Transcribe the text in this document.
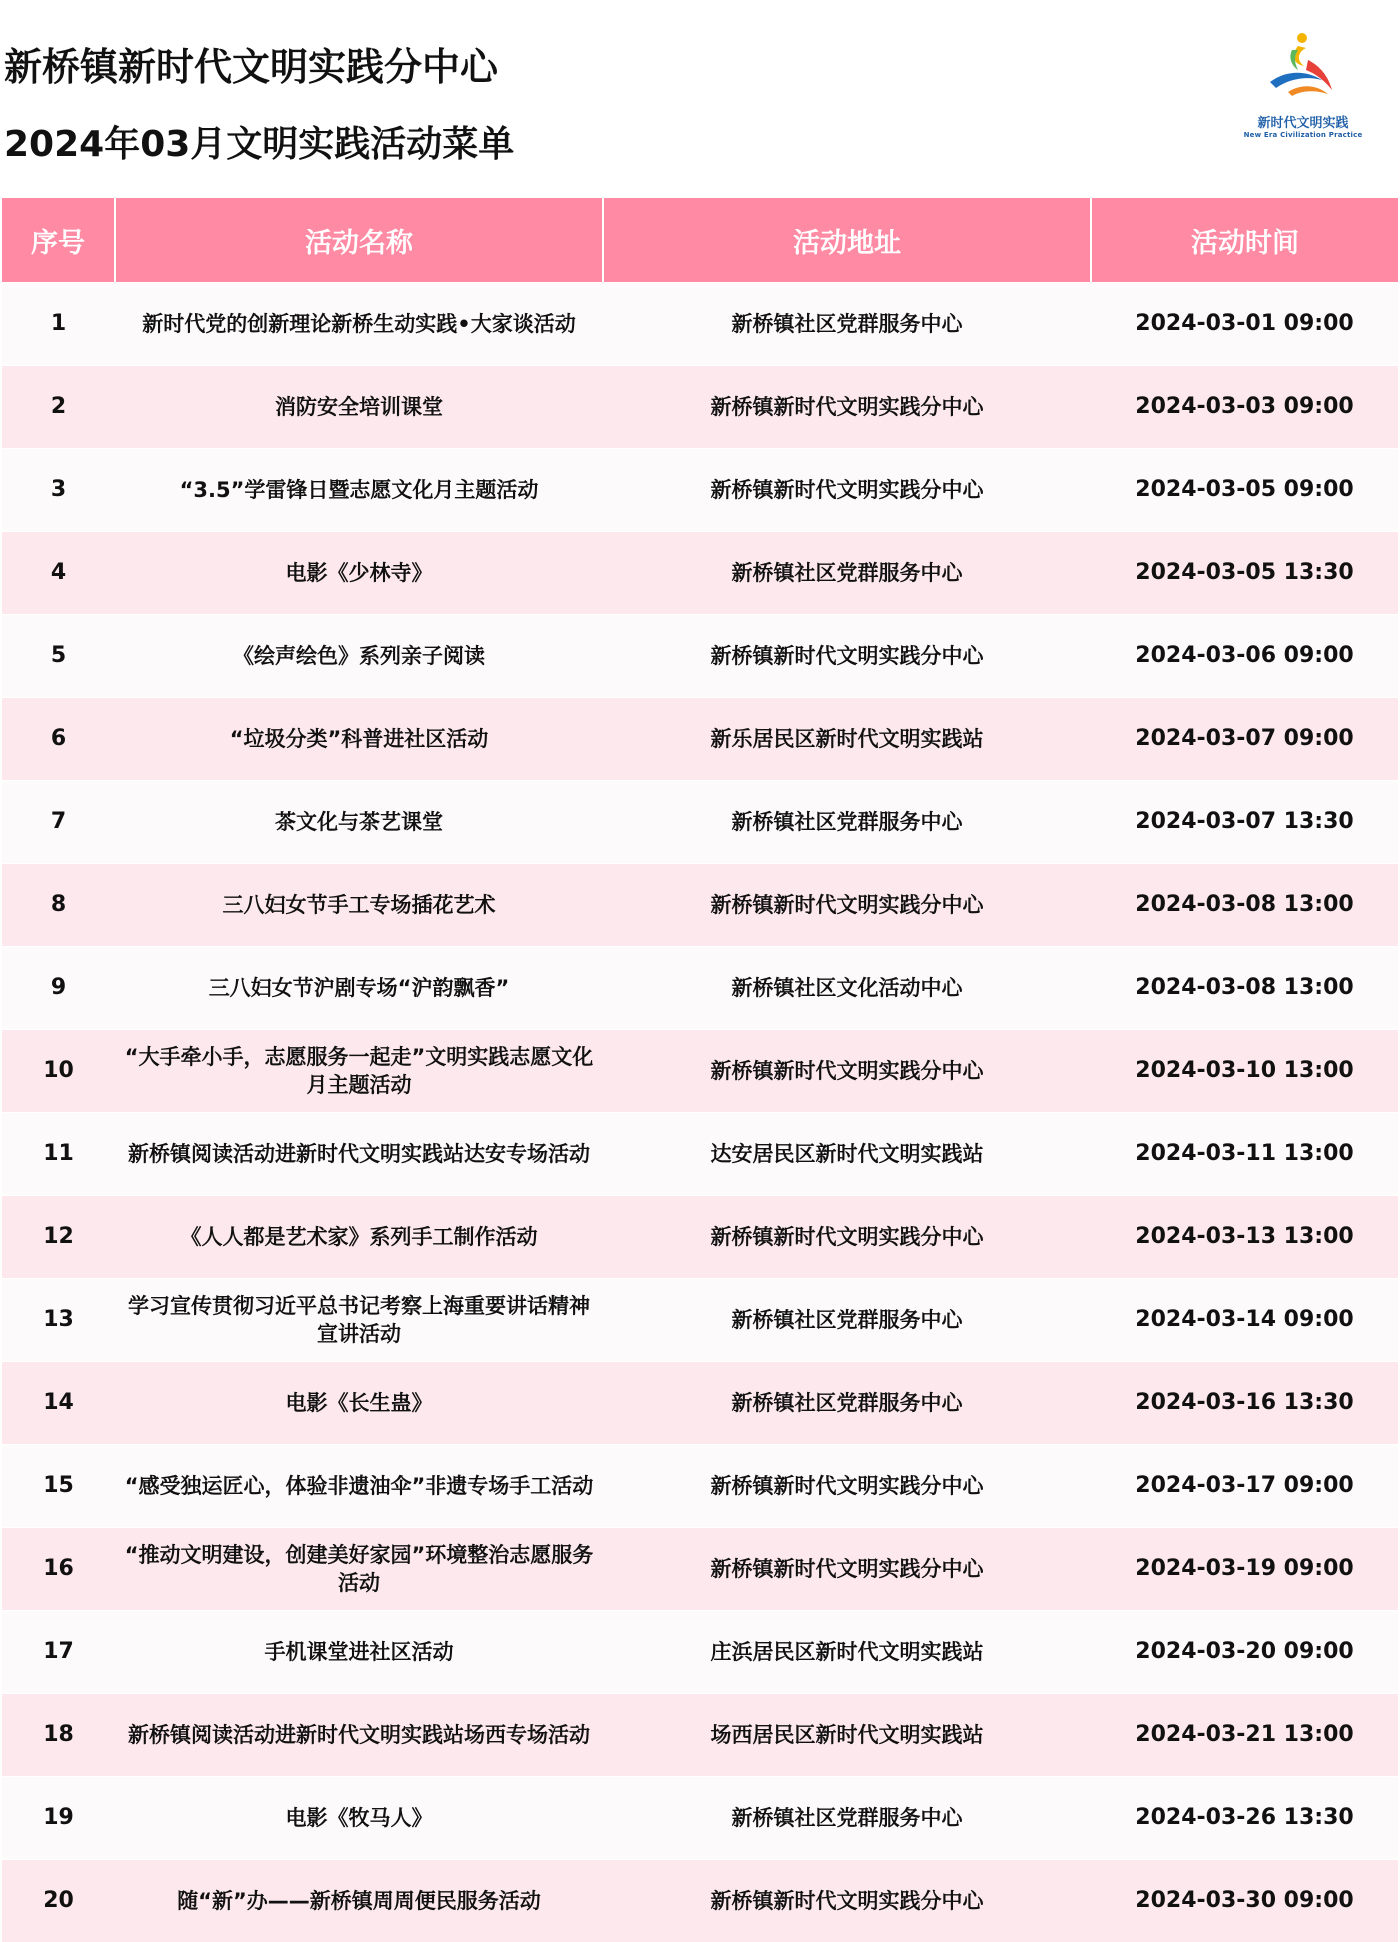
新桥镇新时代文明实践分中心
2024年03月文明实践活动菜单
新时代文明实践
New Era Civilization Practice
序号	活动名称	活动地址	活动时间
1	新时代党的创新理论新桥生动实践•大家谈活动	新桥镇社区党群服务中心	2024-03-01 09:00
2	消防安全培训课堂	新桥镇新时代文明实践分中心	2024-03-03 09:00
3	“3.5”学雷锋日暨志愿文化月主题活动	新桥镇新时代文明实践分中心	2024-03-05 09:00
4	电影《少林寺》	新桥镇社区党群服务中心	2024-03-05 13:30
5	《绘声绘色》系列亲子阅读	新桥镇新时代文明实践分中心	2024-03-06 09:00
6	“垃圾分类”科普进社区活动	新乐居民区新时代文明实践站	2024-03-07 09:00
7	茶文化与茶艺课堂	新桥镇社区党群服务中心	2024-03-07 13:30
8	三八妇女节手工专场插花艺术	新桥镇新时代文明实践分中心	2024-03-08 13:00
9	三八妇女节沪剧专场“沪韵飘香”	新桥镇社区文化活动中心	2024-03-08 13:00
10	“大手牵小手，志愿服务一起走”文明实践志愿文化月主题活动	新桥镇新时代文明实践分中心	2024-03-10 13:00
11	新桥镇阅读活动进新时代文明实践站达安专场活动	达安居民区新时代文明实践站	2024-03-11 13:00
12	《人人都是艺术家》系列手工制作活动	新桥镇新时代文明实践分中心	2024-03-13 13:00
13	学习宣传贯彻习近平总书记考察上海重要讲话精神宣讲活动	新桥镇社区党群服务中心	2024-03-14 09:00
14	电影《长生蛊》	新桥镇社区党群服务中心	2024-03-16 13:30
15	“感受独运匠心，体验非遗油伞”非遗专场手工活动	新桥镇新时代文明实践分中心	2024-03-17 09:00
16	“推动文明建设，创建美好家园”环境整治志愿服务活动	新桥镇新时代文明实践分中心	2024-03-19 09:00
17	手机课堂进社区活动	庄浜居民区新时代文明实践站	2024-03-20 09:00
18	新桥镇阅读活动进新时代文明实践站场西专场活动	场西居民区新时代文明实践站	2024-03-21 13:00
19	电影《牧马人》	新桥镇社区党群服务中心	2024-03-26 13:30
20	随“新”办——新桥镇周周便民服务活动	新桥镇新时代文明实践分中心	2024-03-30 09:00
